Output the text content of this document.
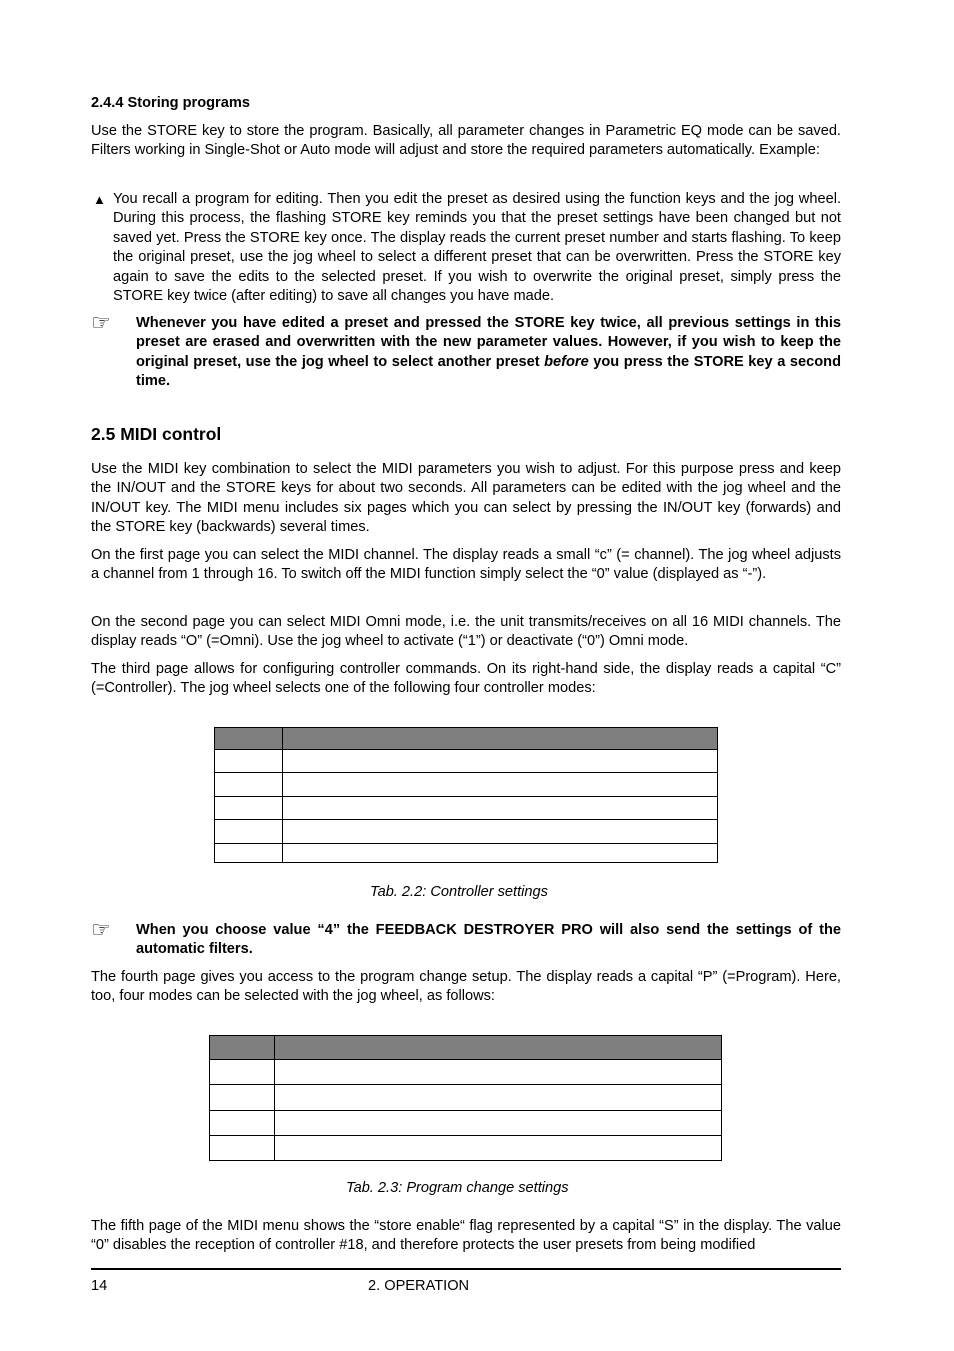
2.4.4 Storing programs

Use the STORE key to store the program. Basically, all parameter changes in Parametric EQ mode can be saved. Filters working in Single-Shot or Auto mode will adjust and store the required parameters automatically. Example:

▲ You recall a program for editing. Then you edit the preset as desired using the function keys and the jog wheel. During this process, the flashing STORE key reminds you that the preset settings have been changed but not saved yet. Press the STORE key once. The display reads the current preset number and starts flashing. To keep the original preset, use the jog wheel to select a different preset that can be overwritten. Press the STORE key again to save the edits to the selected preset. If you wish to overwrite the original preset, simply press the STORE key twice (after editing) to save all changes you have made.

☞ Whenever you have edited a preset and pressed the STORE key twice, all previous settings in this preset are erased and overwritten with the new parameter values. However, if you wish to keep the original preset, use the jog wheel to select another preset before you press the STORE key a second time.

2.5 MIDI control

Use the MIDI key combination to select the MIDI parameters you wish to adjust. For this purpose press and keep the IN/OUT and the STORE keys for about two seconds. All parameters can be edited with the jog wheel and the IN/OUT key. The MIDI menu includes six pages which you can select by pressing the IN/OUT key (forwards) and the STORE key (backwards) several times.

On the first page you can select the MIDI channel. The display reads a small “c” (= channel). The jog wheel adjusts a channel from 1 through 16. To switch off the MIDI function simply select the “0” value (displayed as “-”).

On the second page you can select MIDI Omni mode, i.e. the unit transmits/receives on all 16 MIDI channels. The display reads “O” (=Omni). Use the jog wheel to activate (“1”) or deactivate (“0”) Omni mode.

The third page allows for configuring controller commands. On its right-hand side, the display reads a capital “C” (=Controller). The jog wheel selects one of the following four controller modes:

Tab. 2.2: Controller settings
☞ When you choose value “4” the FEEDBACK DESTROYER PRO will also send the settings of the automatic filters.

The fourth page gives you access to the program change setup. The display reads a capital “P” (=Program). Here, too, four modes can be selected with the jog wheel, as follows:

Tab. 2.3: Program change settings

The fifth page of the MIDI menu shows the “store enable“ flag represented by a capital “S” in the display. The value “0” disables the reception of controller #18, and therefore protects the user presets from being modified

14	2. OPERATION
